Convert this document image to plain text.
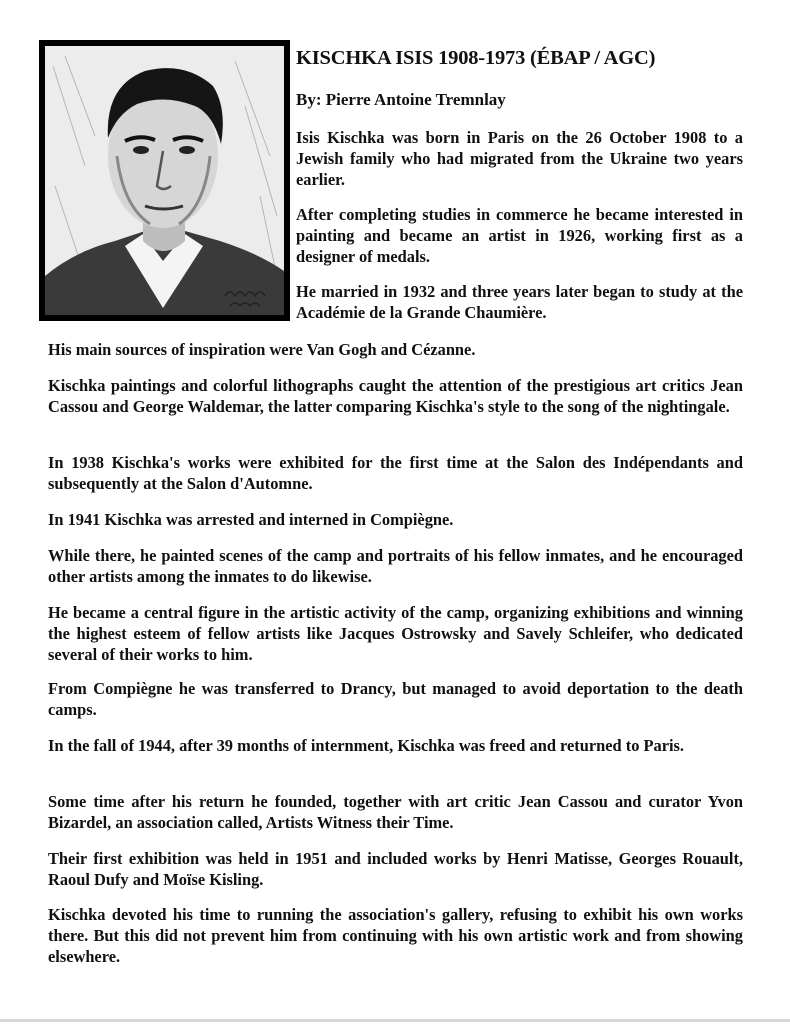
KISCHKA ISIS 1908-1973 (ÉBAP / AGC)
By: Pierre Antoine Tremnlay
Isis Kischka was born in Paris on the 26 October 1908 to a Jewish family who had migrated from the Ukraine two years earlier.
After completing studies in commerce he became interested in painting and became an artist in 1926, working first as a designer of medals.
He married in 1932 and three years later began to study at the Académie de la Grande Chaumière.
His main sources of inspiration were Van Gogh and Cézanne.
Kischka paintings and colorful lithographs caught the attention of the prestigious art critics Jean Cassou and George Waldemar, the latter comparing Kischka's style to the song of the nightingale.
In 1938 Kischka's works were exhibited for the first time at the Salon des Indépendants and subsequently at the Salon d'Automne.
In 1941 Kischka was arrested and interned in Compiègne.
While there, he painted scenes of the camp and portraits of his fellow inmates, and he encouraged other artists among the inmates to do likewise.
He became a central figure in the artistic activity of the camp, organizing exhibitions and winning the highest esteem of fellow artists like Jacques Ostrowsky and Savely Schleifer, who dedicated several of their works to him.
From Compiègne he was transferred to Drancy, but managed to avoid deportation to the death camps.
In the fall of 1944, after 39 months of internment, Kischka was freed and returned to Paris.
Some time after his return he founded, together with art critic Jean Cassou and curator Yvon Bizardel, an association called, Artists Witness their Time.
Their first exhibition was held in 1951 and included works by Henri Matisse, Georges Rouault, Raoul Dufy and Moïse Kisling.
Kischka devoted his time to running the association's gallery, refusing to exhibit his own works there. But this did not prevent him from continuing with his own artistic work and from showing elsewhere.
